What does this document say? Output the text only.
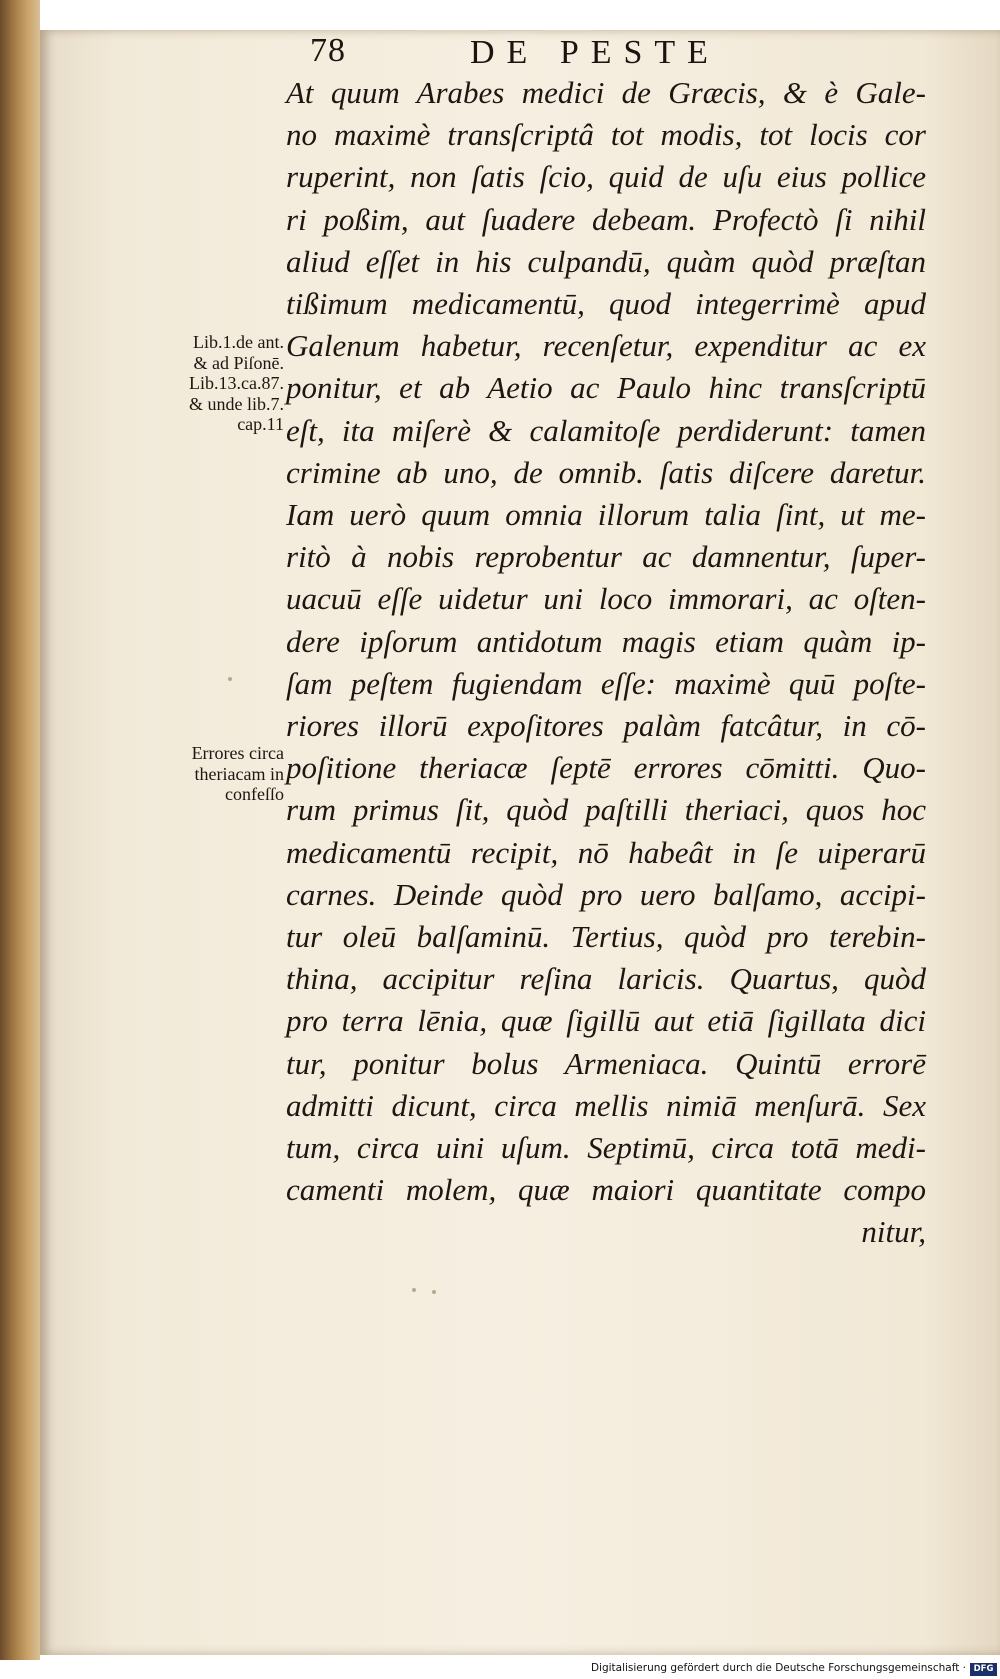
78	DE PESTE
At quum Arabes medici de Græcis, & è Gale-
no maximè transſcriptâ tot modis, tot locis cor
ruperint, non ſatis ſcio, quid de uſu eius pollice
ri poßim, aut ſuadere debeam. Profectò ſi nihil
aliud eſſet in his culpandū, quàm quòd præſtan
tißimum medicamentū, quod integerrimè apud
Galenum habetur, recenſetur, expenditur ac ex
ponitur, et ab Aetio ac Paulo hinc transſcriptū
eſt, ita miſerè & calamitoſe perdiderunt: tamen
crimine ab uno, de omnib. ſatis diſcere daretur.
Iam uerò quum omnia illorum talia ſint, ut me-
ritò à nobis reprobentur ac damnentur, ſuper-
uacuū eſſe uidetur uni loco immorari, ac oſten-
dere ipſorum antidotum magis etiam quàm ip-
ſam peſtem fugiendam eſſe: maximè quū poſte-
riores illorū expoſitores palàm fatcâtur, in cō-
poſitione theriacæ ſeptē errores cōmitti. Quo-
rum primus ſit, quòd paſtilli theriaci, quos hoc
medicamentū recipit, nō habeât in ſe uiperarū
carnes. Deinde quòd pro uero balſamo, accipi-
tur oleū balſaminū. Tertius, quòd pro terebin-
thina, accipitur reſina laricis. Quartus, quòd
pro terra lēnia, quæ ſigillū aut etiā ſigillata dici
tur, ponitur bolus Armeniaca. Quintū errorē
admitti dicunt, circa mellis nimiā menſurā. Sex
tum, circa uini uſum. Septimū, circa totā medi-
camenti molem, quæ maiori quantitate compo
nitur,
Lib.1.de ant.
& ad Piſonē.
Lib.13.ca.87.
& unde lib.7.
cap.11
Errores circa
theriacam in
confeſſo
Digitalisierung gefördert durch die Deutsche Forschungsgemeinschaft · DFG
